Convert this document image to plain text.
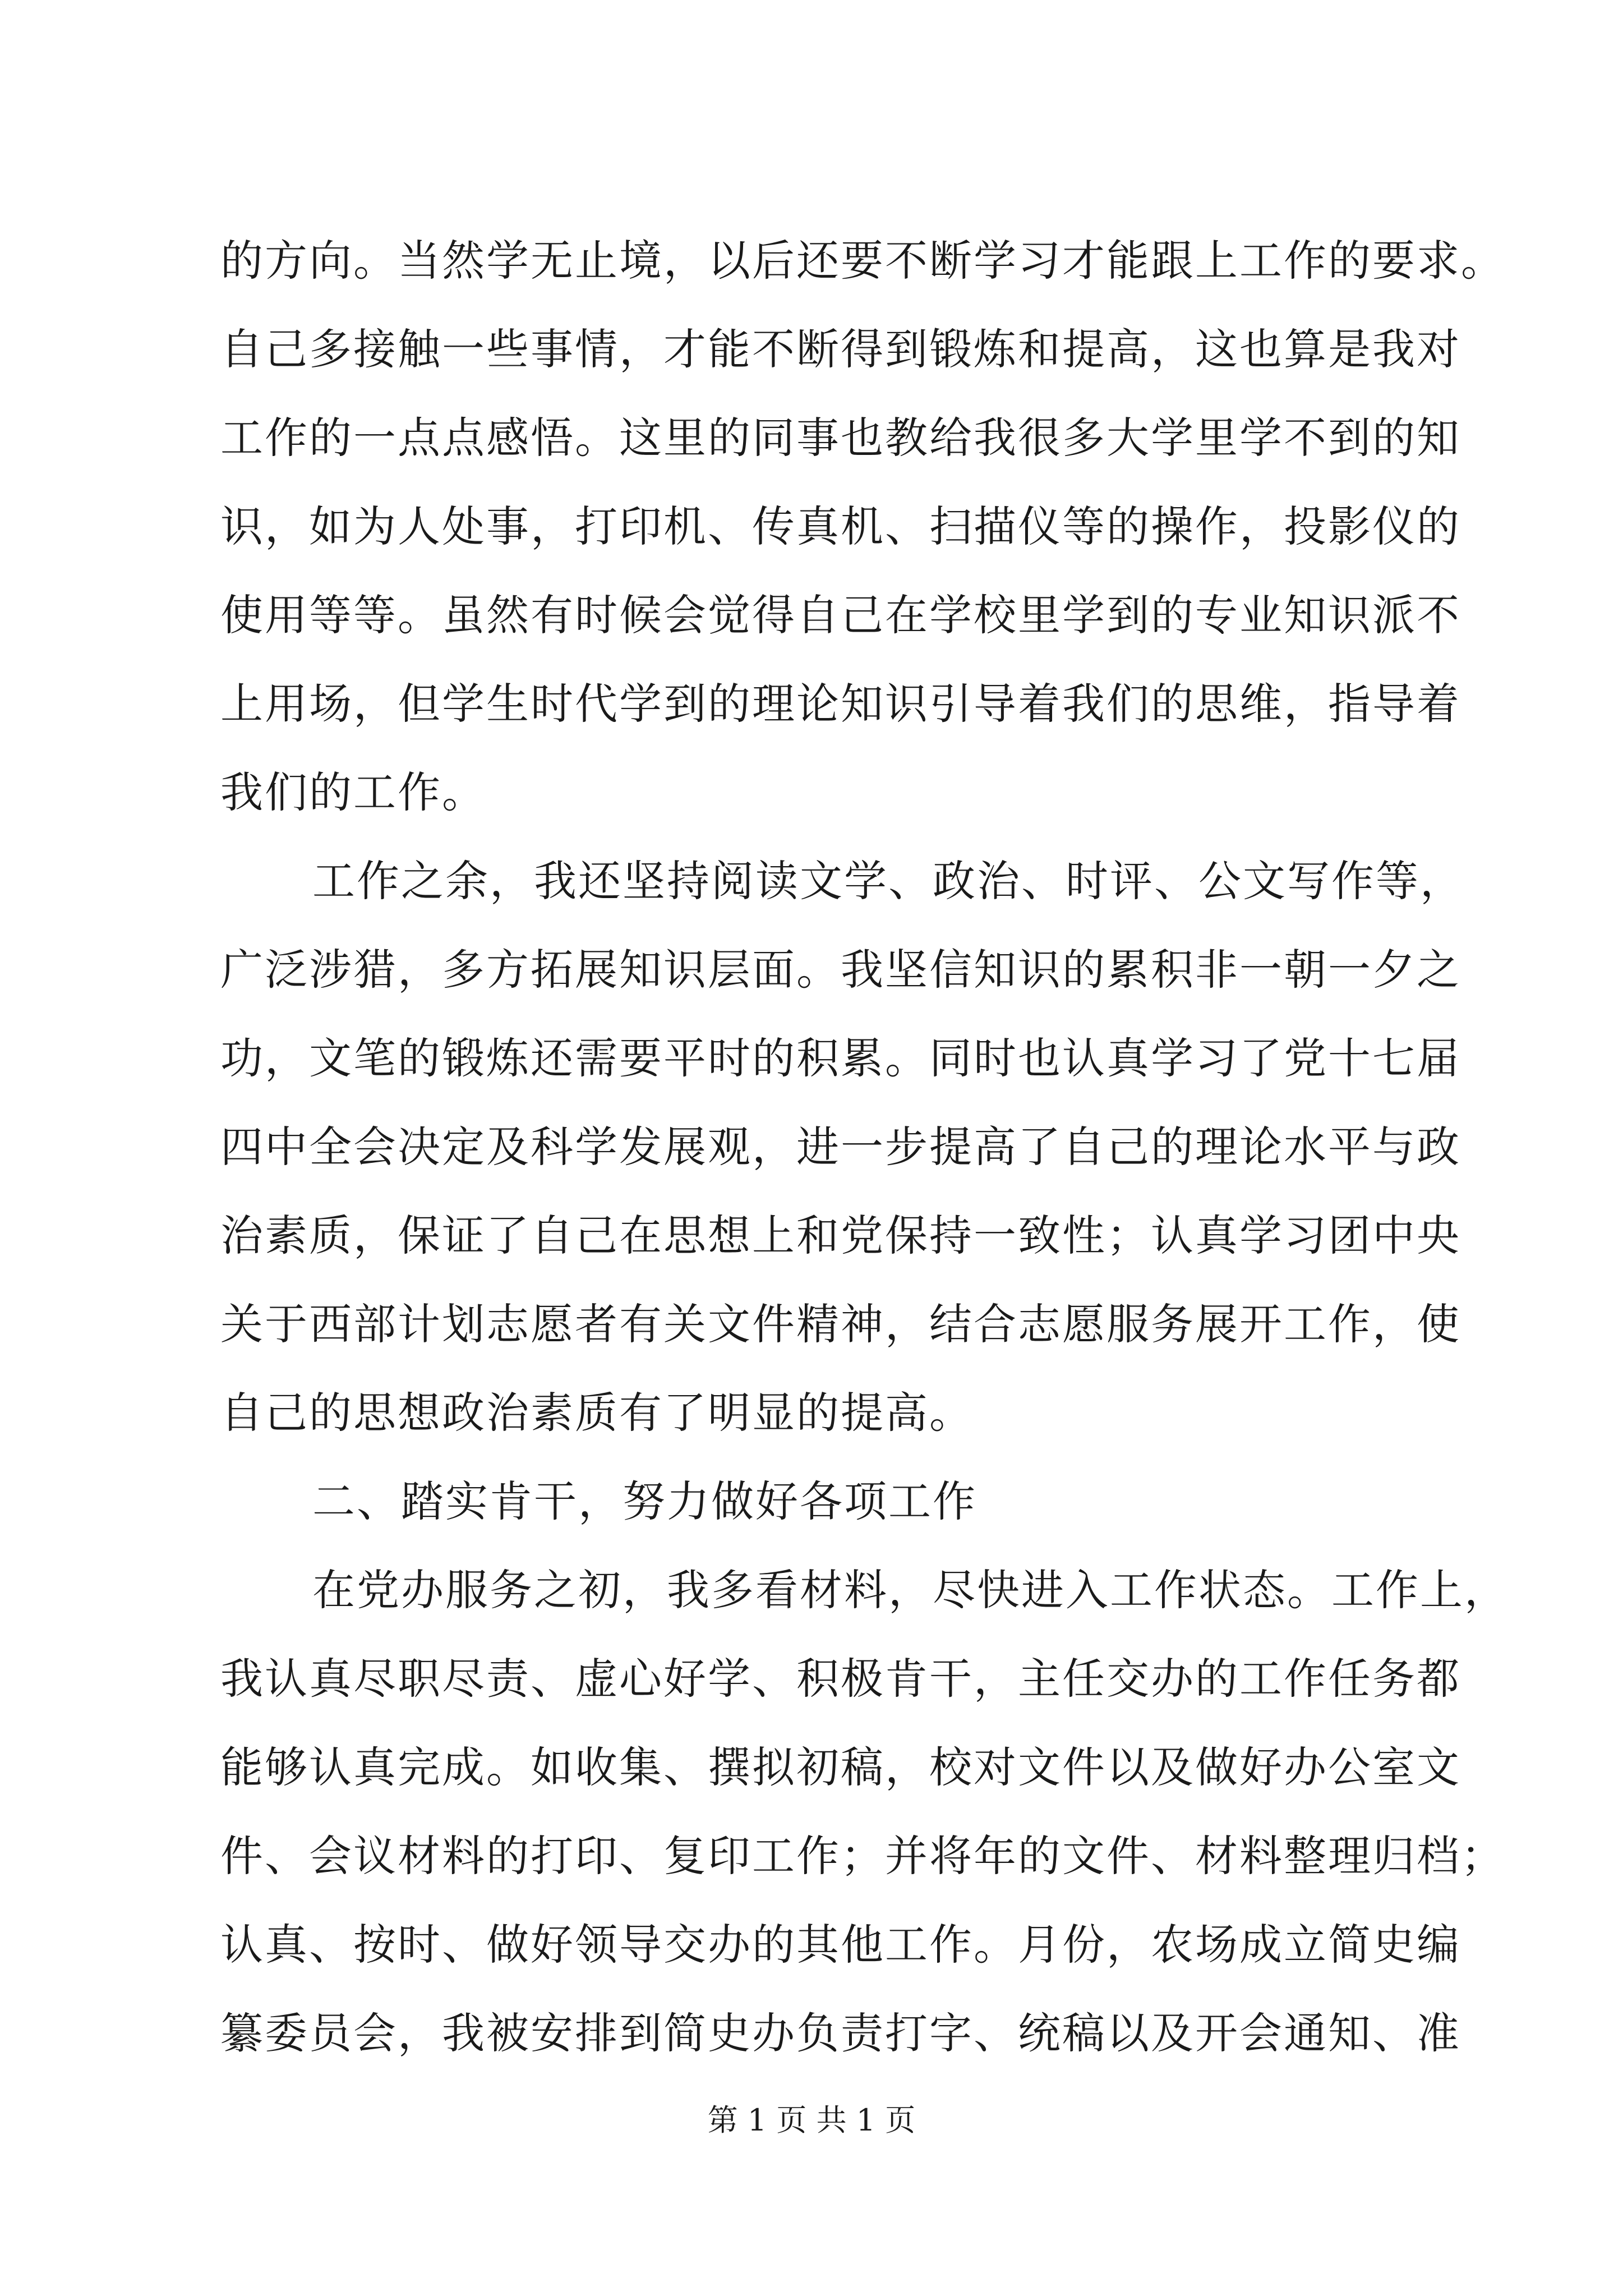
的方向。当然学无止境，以后还要不断学习才能跟上工作的要求。
自己多接触一些事情，才能不断得到锻炼和提高，这也算是我对
工作的一点点感悟。这里的同事也教给我很多大学里学不到的知
识，如为人处事，打印机、传真机、扫描仪等的操作，投影仪的
使用等等。虽然有时候会觉得自己在学校里学到的专业知识派不
上用场，但学生时代学到的理论知识引导着我们的思维，指导着
我们的工作。
工作之余，我还坚持阅读文学、政治、时评、公文写作等，
广泛涉猎，多方拓展知识层面。我坚信知识的累积非一朝一夕之
功，文笔的锻炼还需要平时的积累。同时也认真学习了党十七届
四中全会决定及科学发展观，进一步提高了自己的理论水平与政
治素质，保证了自己在思想上和党保持一致性；认真学习团中央
关于西部计划志愿者有关文件精神，结合志愿服务展开工作，使
自己的思想政治素质有了明显的提高。
二、踏实肯干，努力做好各项工作
在党办服务之初，我多看材料，尽快进入工作状态。工作上，
我认真尽职尽责、虚心好学、积极肯干，主任交办的工作任务都
能够认真完成。如收集、撰拟初稿，校对文件以及做好办公室文
件、会议材料的打印、复印工作；并将年的文件、材料整理归档；
认真、按时、做好领导交办的其他工作。月份，农场成立简史编
纂委员会，我被安排到简史办负责打字、统稿以及开会通知、准
第 1 页 共 1 页
